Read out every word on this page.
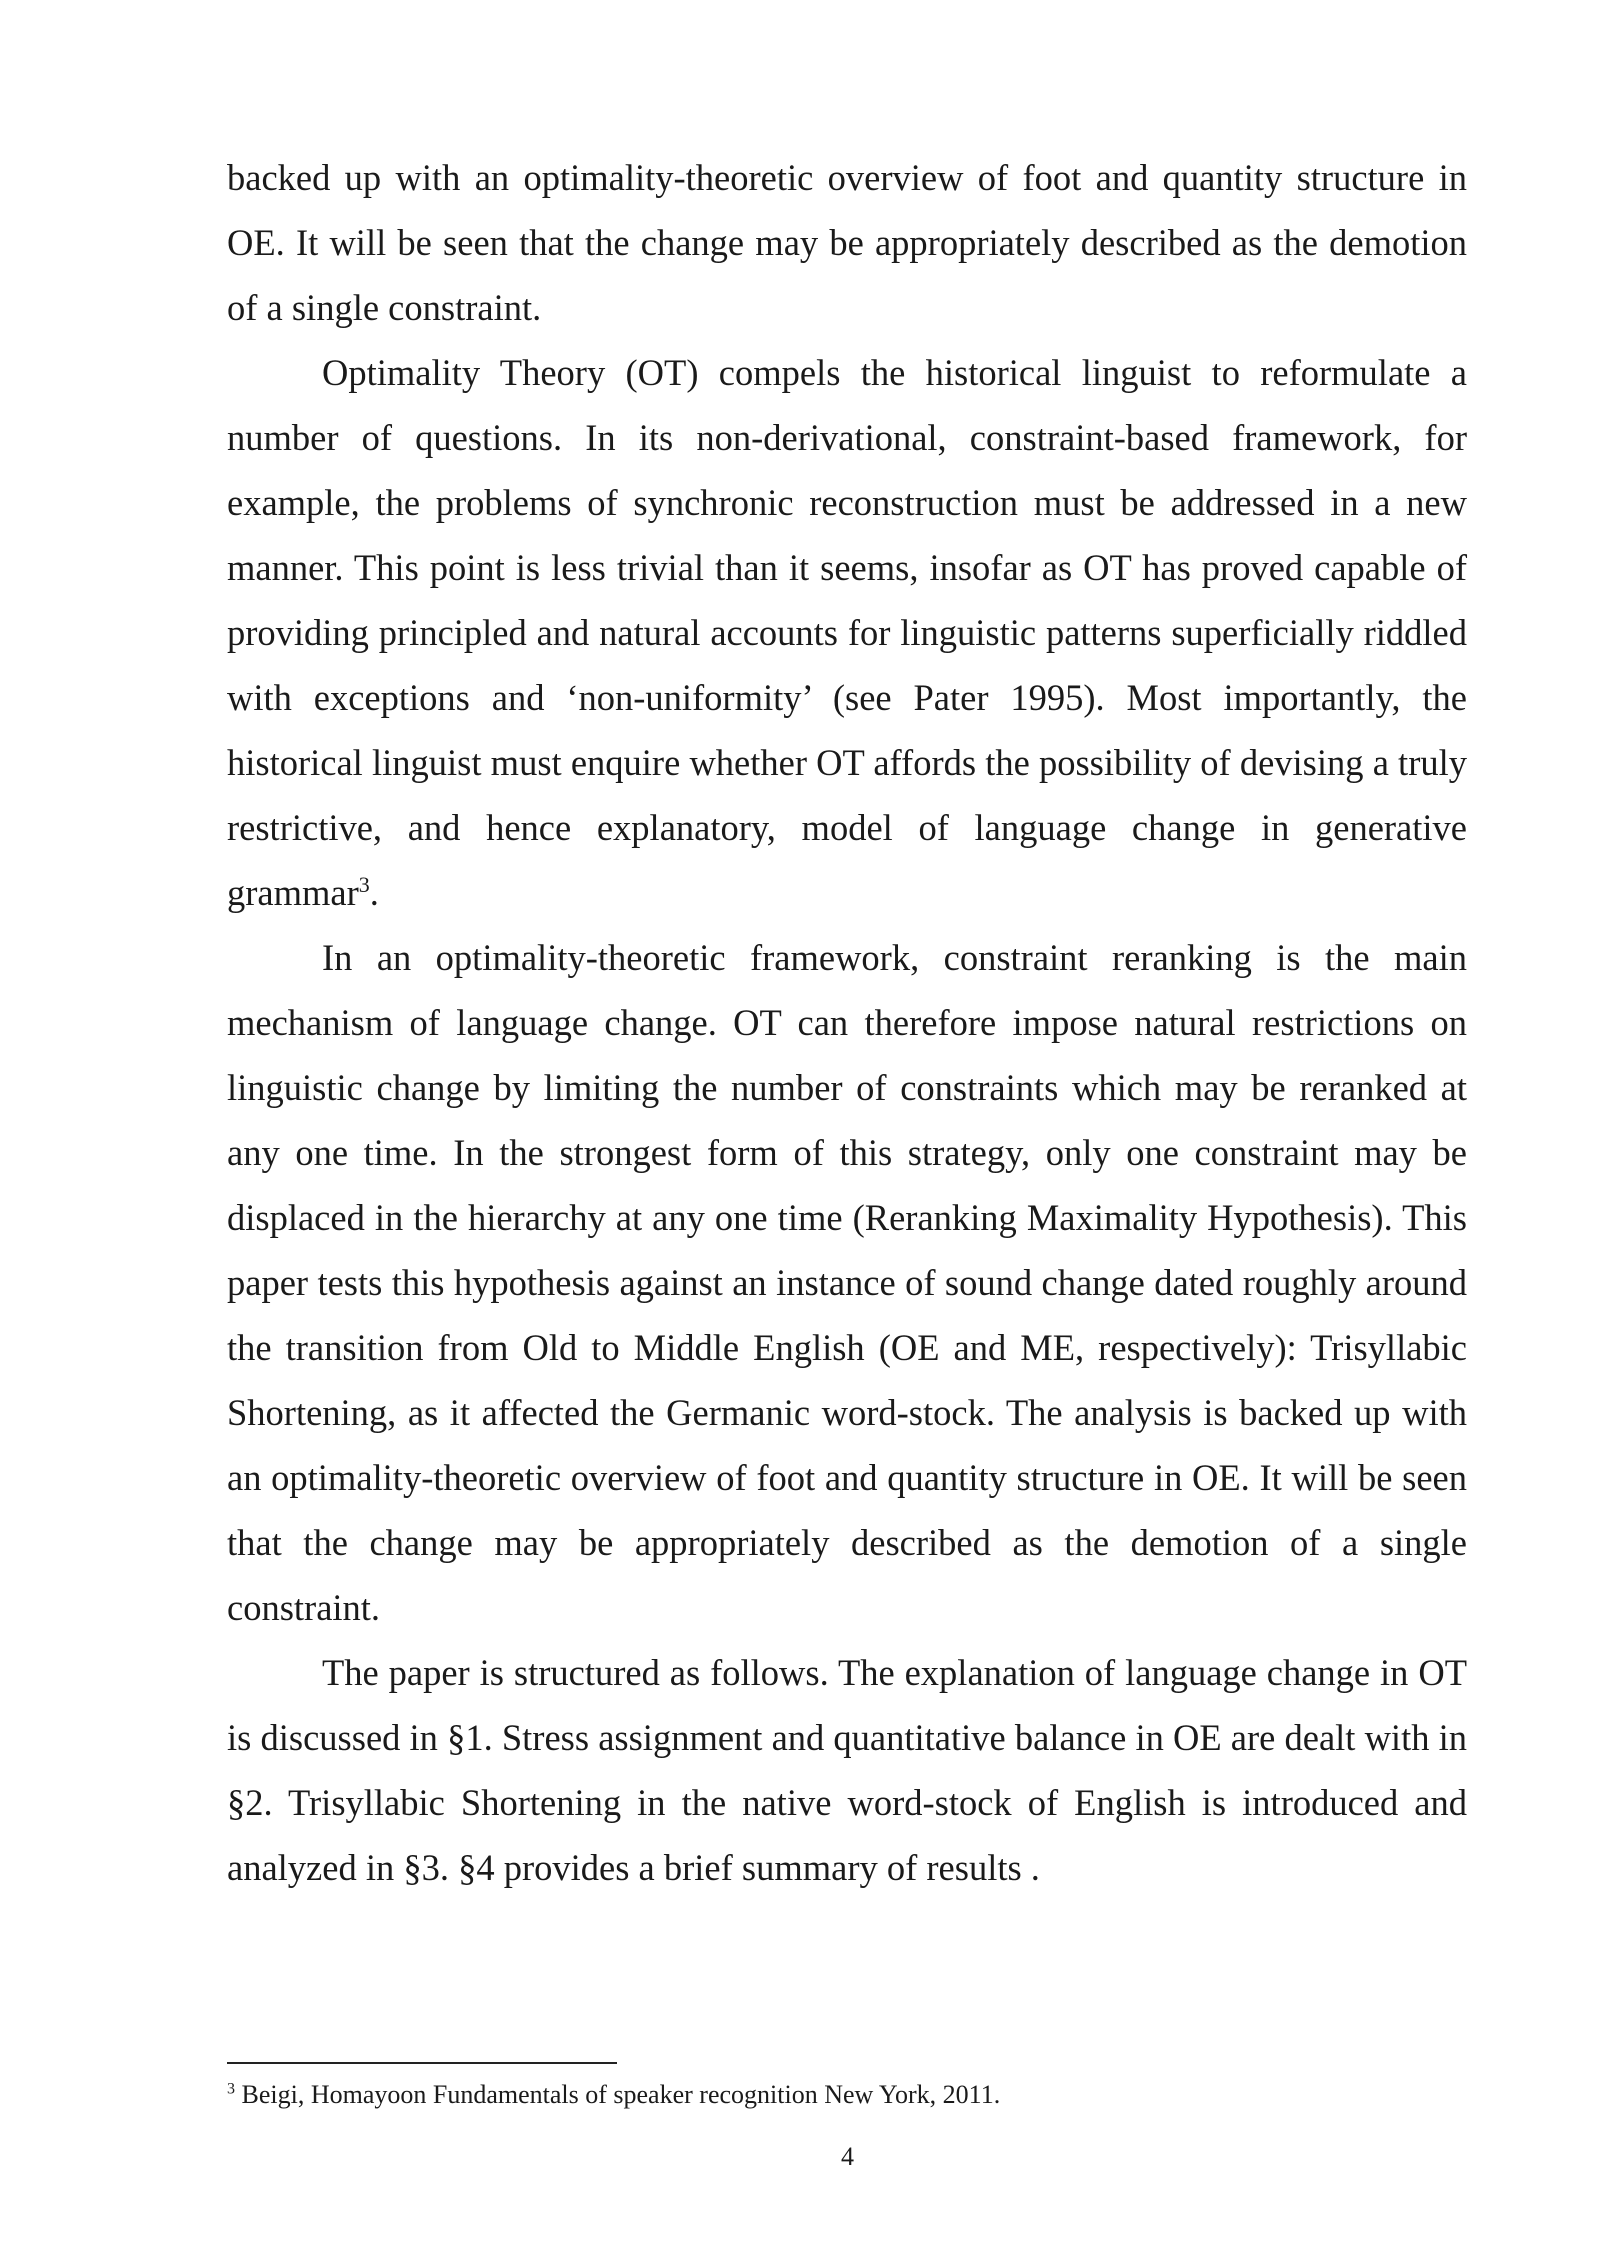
backed up with an optimality-theoretic overview of foot and quantity structure in OE. It will be seen that the change may be appropriately described as the demotion of a single constraint.

Optimality Theory (OT) compels the historical linguist to reformulate a number of questions. In its non-derivational, constraint-based framework, for example, the problems of synchronic reconstruction must be addressed in a new manner. This point is less trivial than it seems, insofar as OT has proved capable of providing principled and natural accounts for linguistic patterns superficially riddled with exceptions and ‘non-uniformity’ (see Pater 1995). Most importantly, the historical linguist must enquire whether OT affords the possibility of devising a truly restrictive, and hence explanatory, model of language change in generative grammar$^3$.

In an optimality-theoretic framework, constraint reranking is the main mechanism of language change. OT can therefore impose natural restrictions on linguistic change by limiting the number of constraints which may be reranked at any one time. In the strongest form of this strategy, only one constraint may be displaced in the hierarchy at any one time (Reranking Maximality Hypothesis). This paper tests this hypothesis against an instance of sound change dated roughly around the transition from Old to Middle English (OE and ME, respectively): Trisyllabic Shortening, as it affected the Germanic word-stock. The analysis is backed up with an optimality-theoretic overview of foot and quantity structure in OE. It will be seen that the change may be appropriately described as the demotion of a single constraint.

The paper is structured as follows. The explanation of language change in OT is discussed in §1. Stress assignment and quantitative balance in OE are dealt with in §2. Trisyllabic Shortening in the native word-stock of English is introduced and analyzed in §3. §4 provides a brief summary of results .

$^3$ Beigi, Homayoon Fundamentals of speaker recognition New York, 2011.
4
